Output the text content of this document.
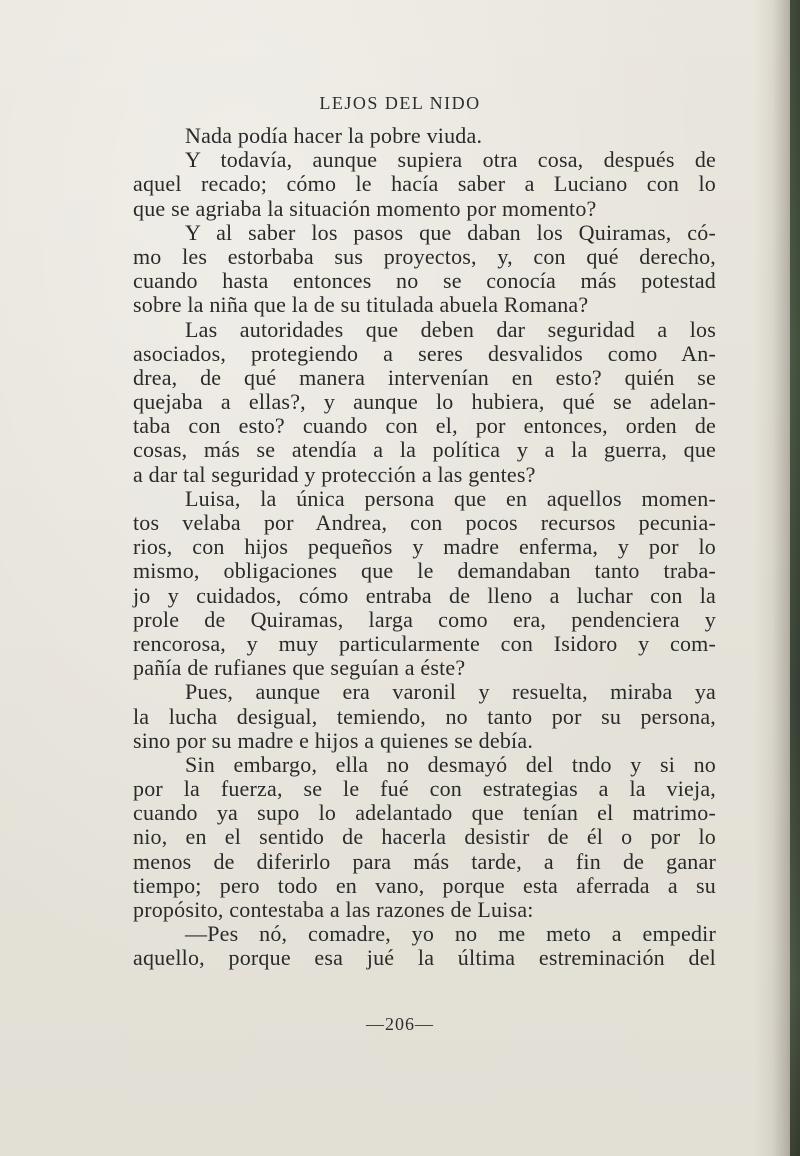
LEJOS DEL NIDO
Nada podía hacer la pobre viuda.
Y todavía, aunque supiera otra cosa, después de
aquel recado; cómo le hacía saber a Luciano con lo
que se agriaba la situación momento por momento?
Y al saber los pasos que daban los Quiramas, có-
mo les estorbaba sus proyectos, y, con qué derecho,
cuando hasta entonces no se conocía más potestad
sobre la niña que la de su titulada abuela Romana?
Las autoridades que deben dar seguridad a los
asociados, protegiendo a seres desvalidos como An-
drea, de qué manera intervenían en esto? quién se
quejaba a ellas?, y aunque lo hubiera, qué se adelan-
taba con esto? cuando con el, por entonces, orden de
cosas, más se atendía a la política y a la guerra, que
a dar tal seguridad y protección a las gentes?
Luisa, la única persona que en aquellos momen-
tos velaba por Andrea, con pocos recursos pecunia-
rios, con hijos pequeños y madre enferma, y por lo
mismo, obligaciones que le demandaban tanto traba-
jo y cuidados, cómo entraba de lleno a luchar con la
prole de Quiramas, larga como era, pendenciera y
rencorosa, y muy particularmente con Isidoro y com-
pañía de rufianes que seguían a éste?
Pues, aunque era varonil y resuelta, miraba ya
la lucha desigual, temiendo, no tanto por su persona,
sino por su madre e hijos a quienes se debía.
Sin embargo, ella no desmayó del tndo y si no
por la fuerza, se le fué con estrategias a la vieja,
cuando ya supo lo adelantado que tenían el matrimo-
nio, en el sentido de hacerla desistir de él o por lo
menos de diferirlo para más tarde, a fin de ganar
tiempo; pero todo en vano, porque esta aferrada a su
propósito, contestaba a las razones de Luisa:
—Pes nó, comadre, yo no me meto a empedir
aquello, porque esa jué la última estreminación del
—206—
